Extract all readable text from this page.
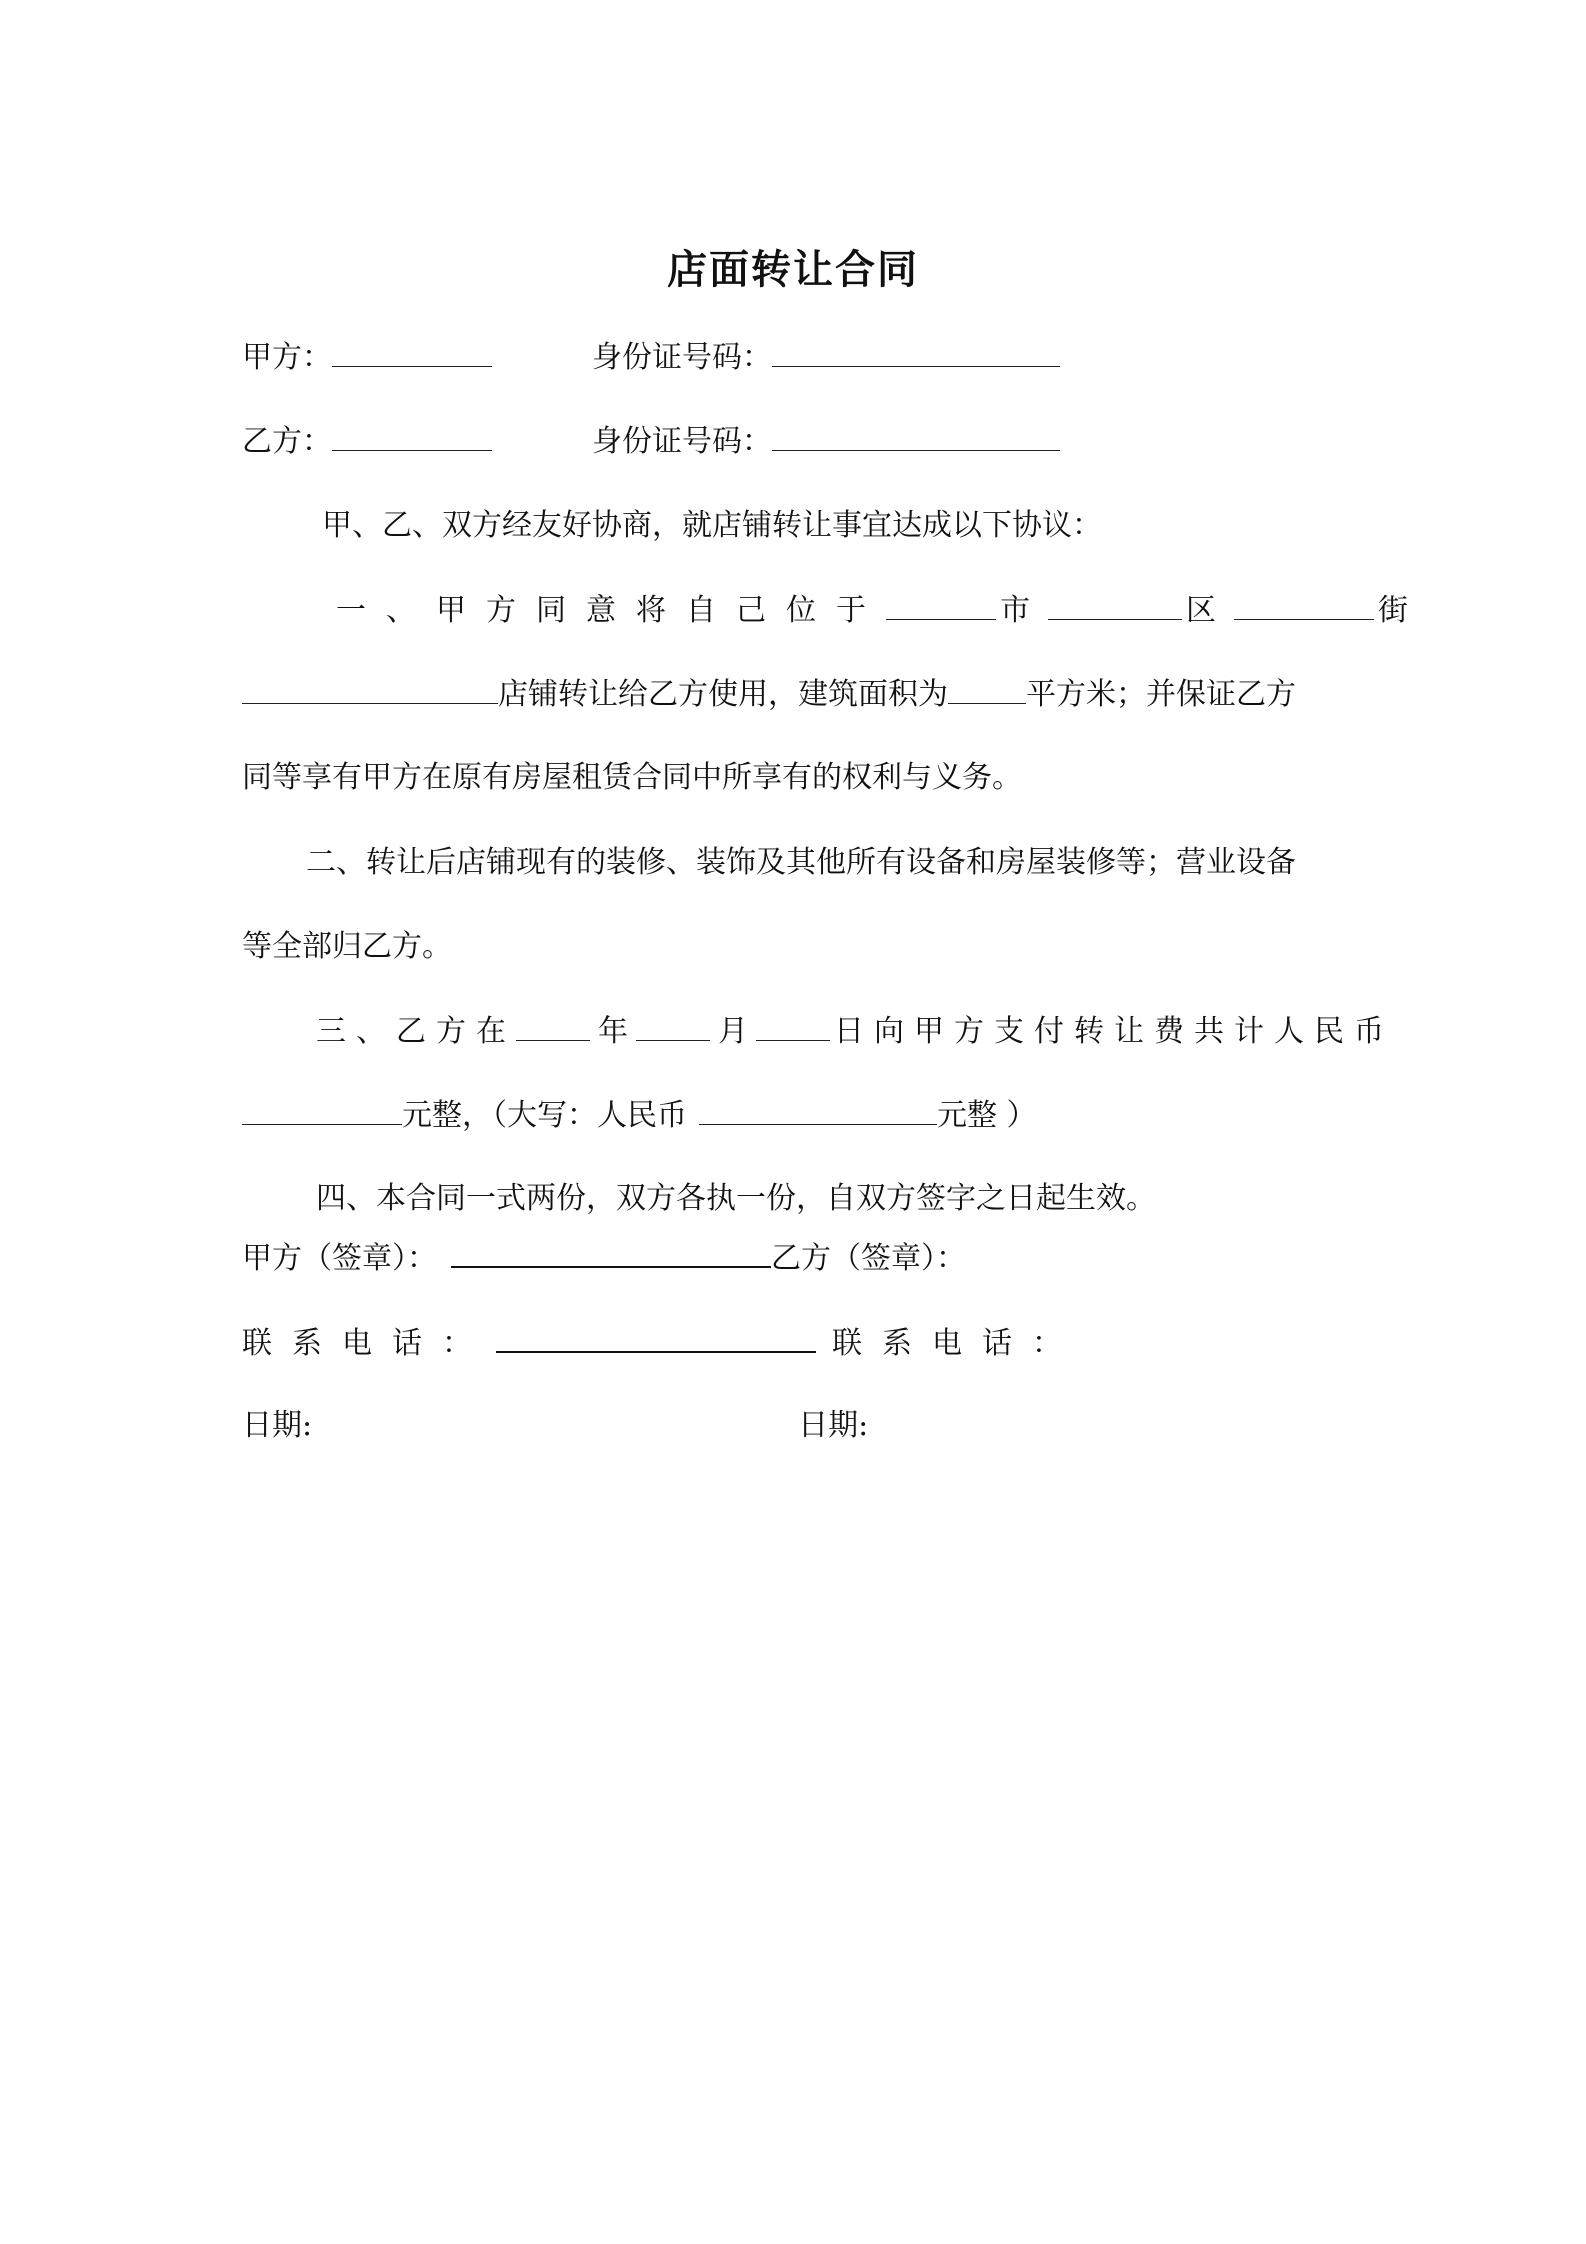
店面转让合同
甲方：	身份证号码：
乙方：	身份证号码：
甲、乙、双方经友好协商，就店铺转让事宜达成以下协议：
一、甲方同意将自己位于	市	区	街
店铺转让给乙方使用，建筑面积为	平方米；并保证乙方
同等享有甲方在原有房屋租赁合同中所享有的权利与义务。
二、转让后店铺现有的装修、装饰及其他所有设备和房屋装修等；营业设备
等全部归乙方。
三、乙方在	年	月	日向甲方支付转让费共计人民币
元整，（大写：人民币	元整 ）
四、本合同一式两份，双方各执一份，自双方签字之日起生效。
甲方（签章）：	乙方（签章）：
联系电话：	联系电话：
日期:	日期:
